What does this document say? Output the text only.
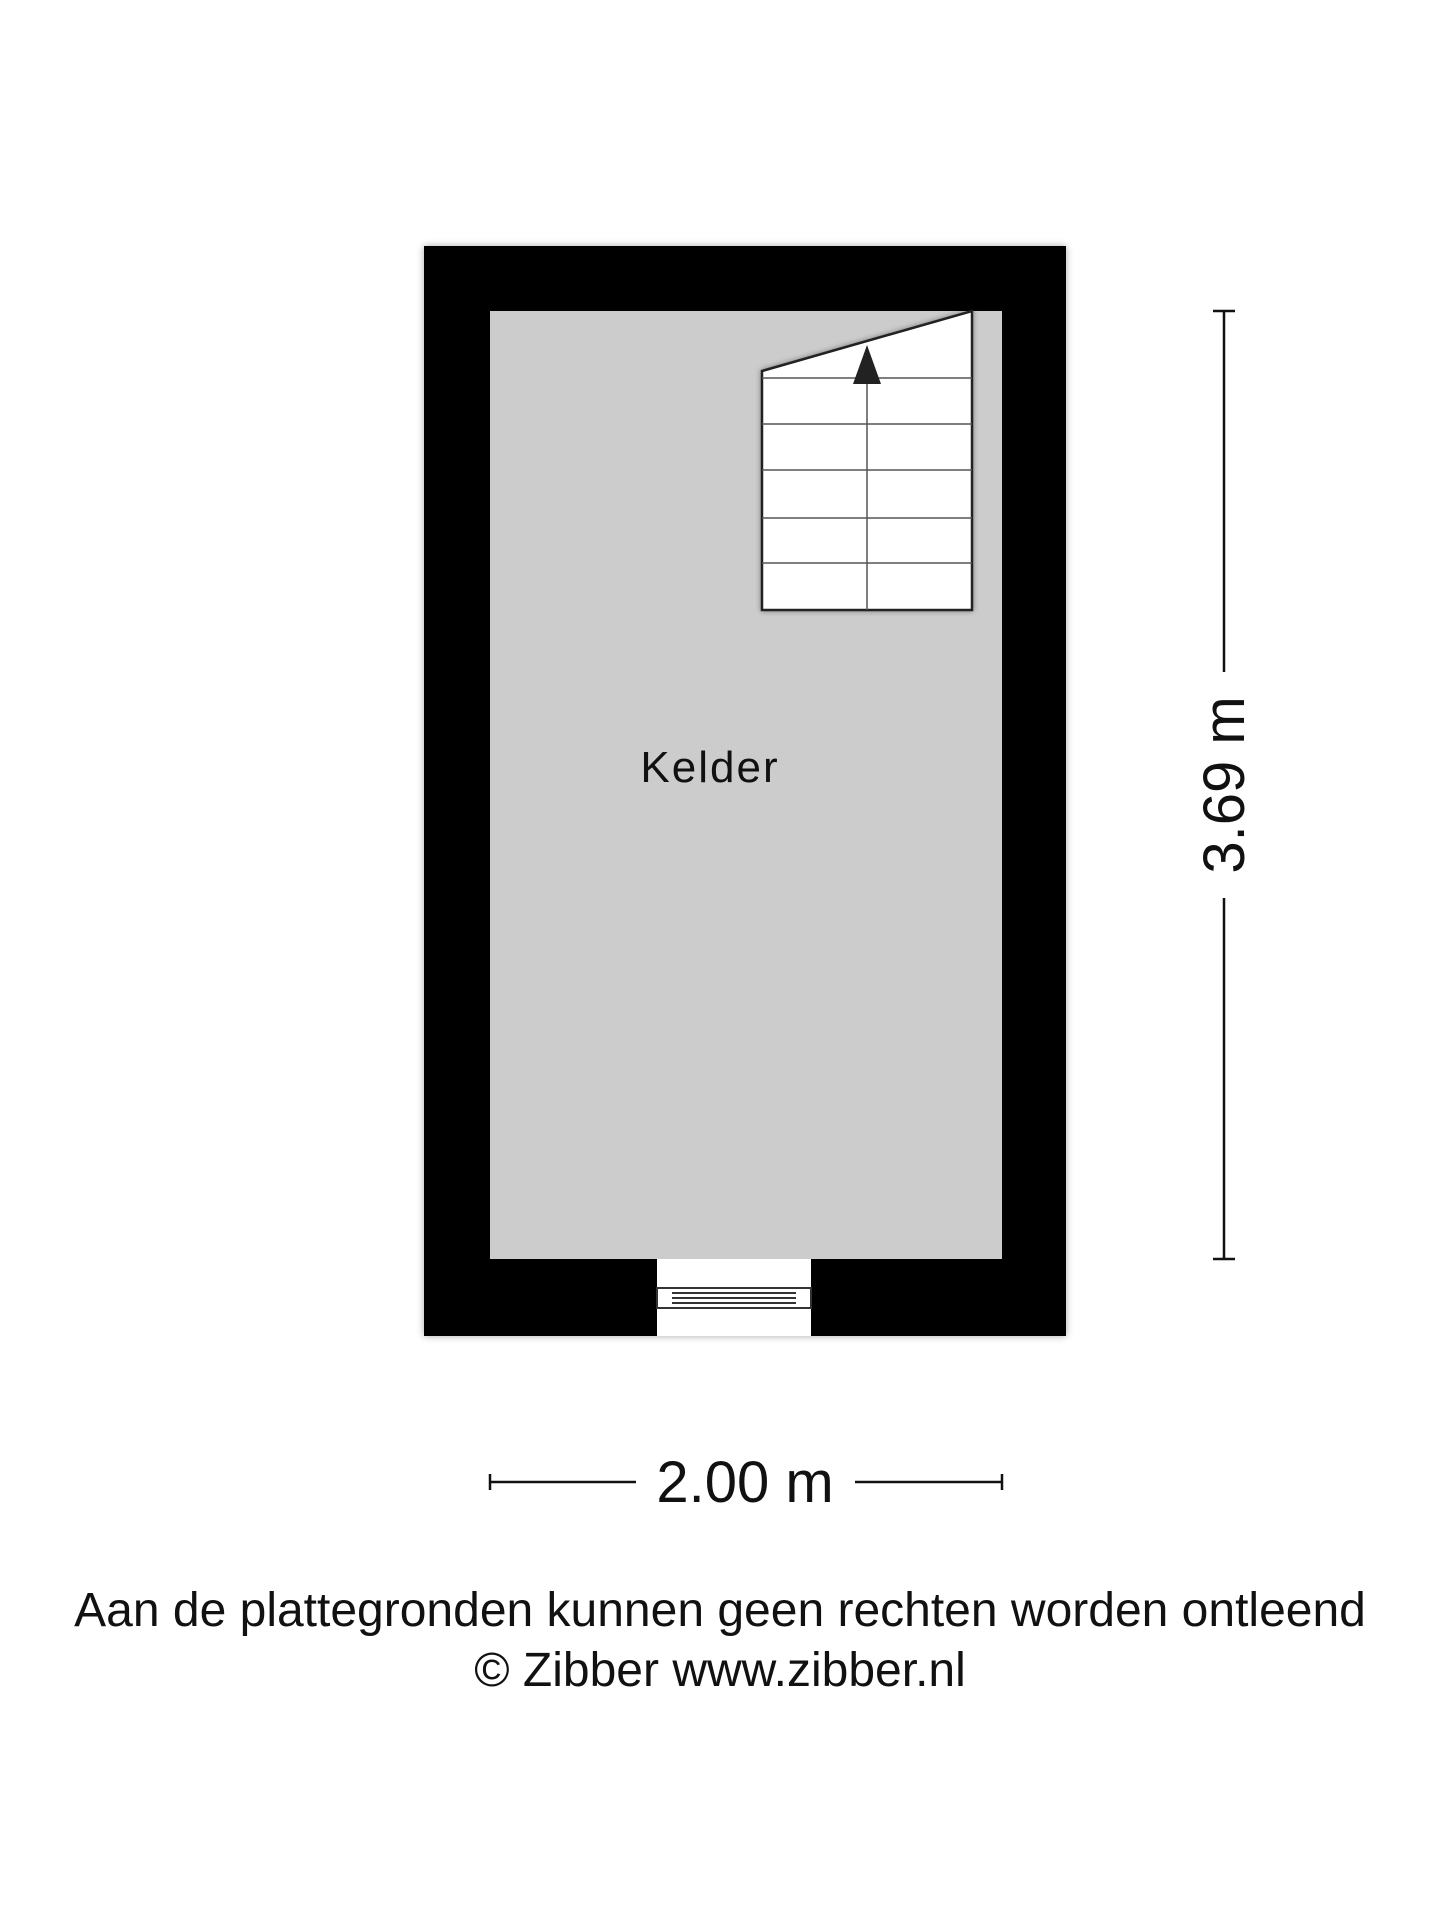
Kelder	3.69 m
2.00 m
Aan de plattegronden kunnen geen rechten worden ontleend
© Zibber www.zibber.nl
